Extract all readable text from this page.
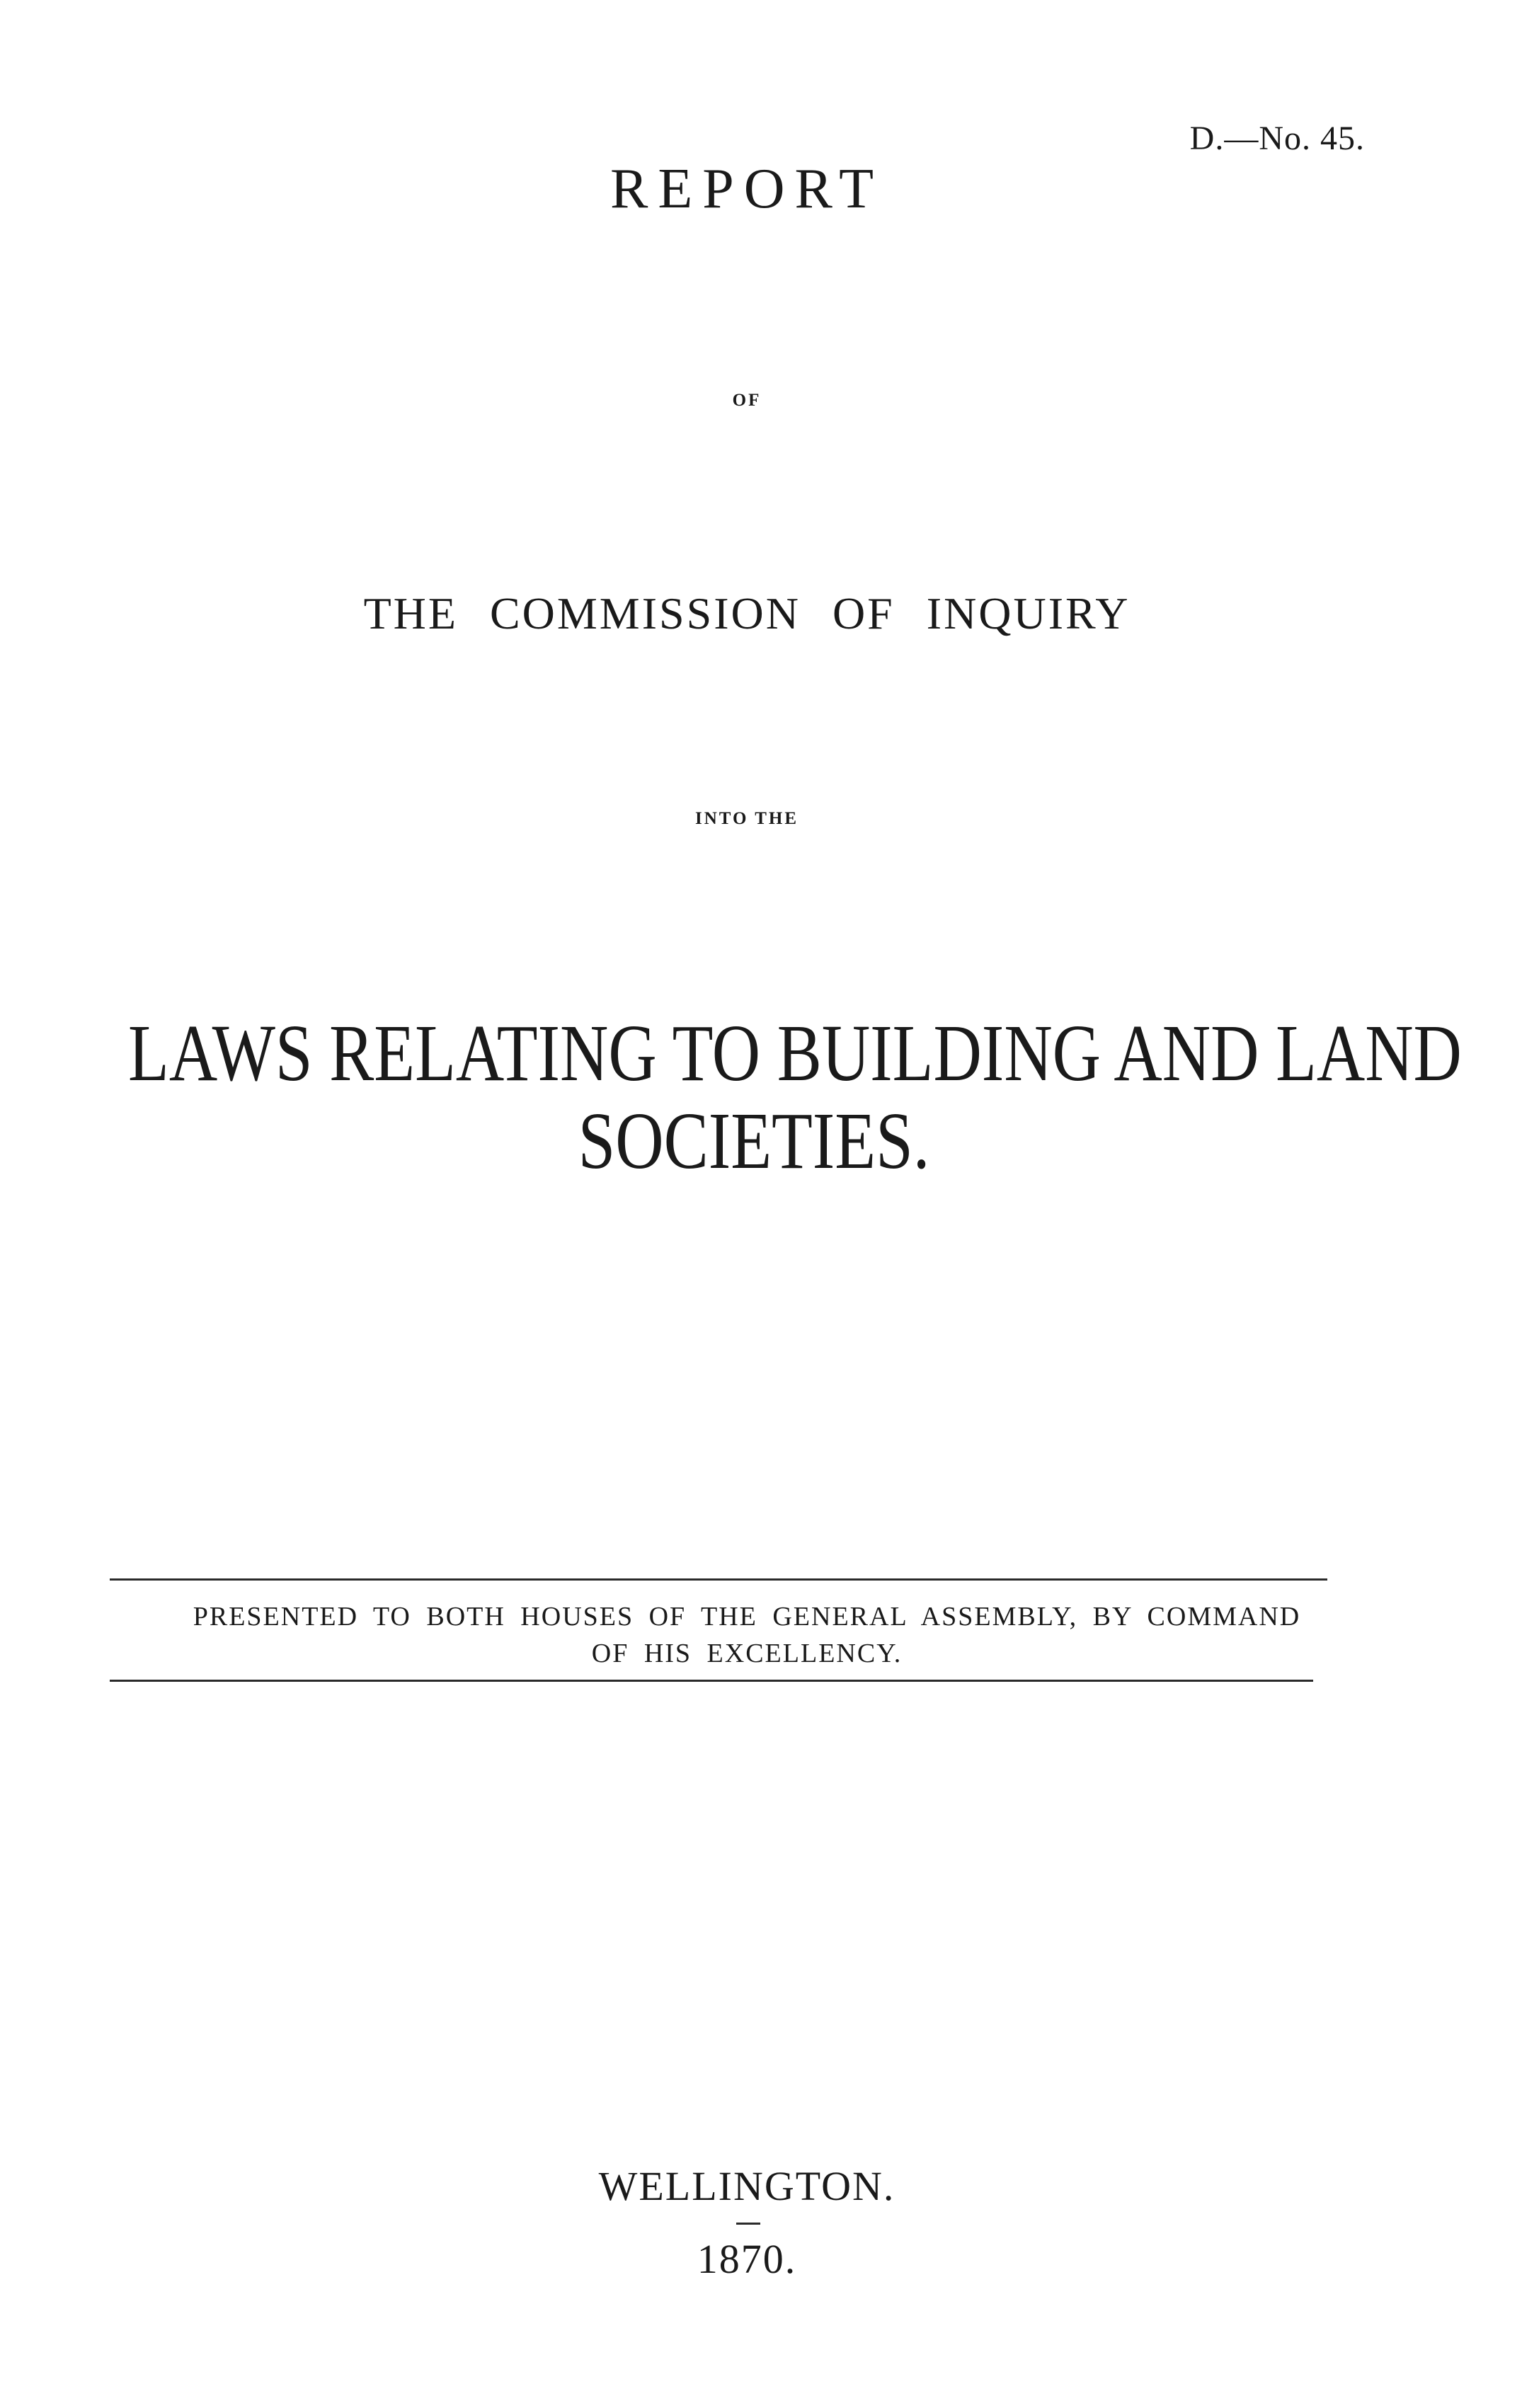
D.—No. 45.
REPORT
OF
THE COMMISSION OF INQUIRY
INTO THE
LAWS RELATING TO BUILDING AND LAND
SOCIETIES.
PRESENTED TO BOTH HOUSES OF THE GENERAL ASSEMBLY, BY COMMAND
OF HIS EXCELLENCY.
WELLINGTON.
1870.
